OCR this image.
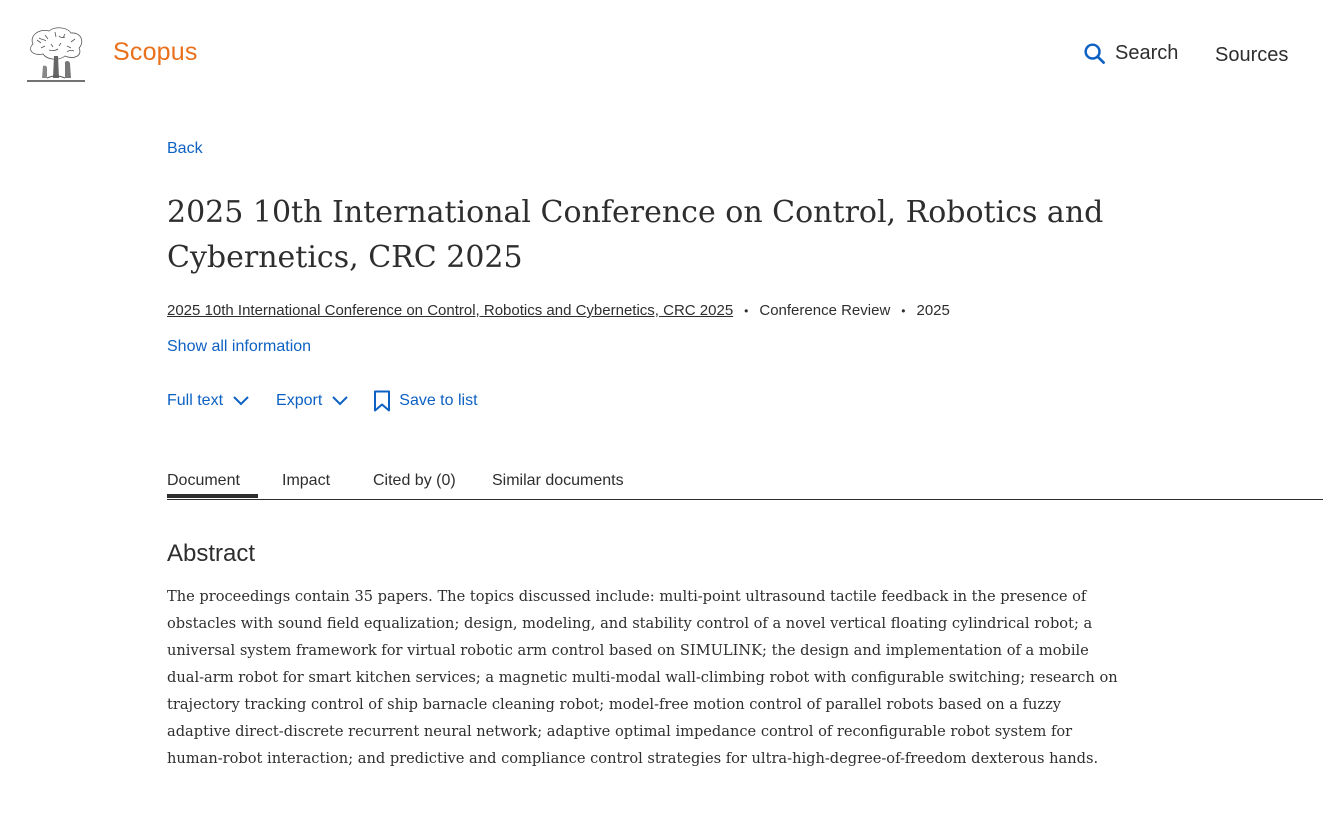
Scopus	Search Sources
Back
2025 10th International Conference on Control, Robotics and Cybernetics, CRC 2025
2025 10th International Conference on Control, Robotics and Cybernetics, CRC 2025 • Conference Review • 2025
Show all information
Full text	Export	Save to list
Document	Impact	Cited by (0) Similar documents
Abstract

The proceedings contain 35 papers. The topics discussed include: multi-point ultrasound tactile feedback in the presence of obstacles with sound field equalization; design, modeling, and stability control of a novel vertical floating cylindrical robot; a universal system framework for virtual robotic arm control based on SIMULINK; the design and implementation of a mobile dual-arm robot for smart kitchen services; a magnetic multi-modal wall-climbing robot with configurable switching; research on trajectory tracking control of ship barnacle cleaning robot; model-free motion control of parallel robots based on a fuzzy adaptive direct-discrete recurrent neural network; adaptive optimal impedance control of reconfigurable robot system for human-robot interaction; and predictive and compliance control strategies for ultra-high-degree-of-freedom dexterous hands.
